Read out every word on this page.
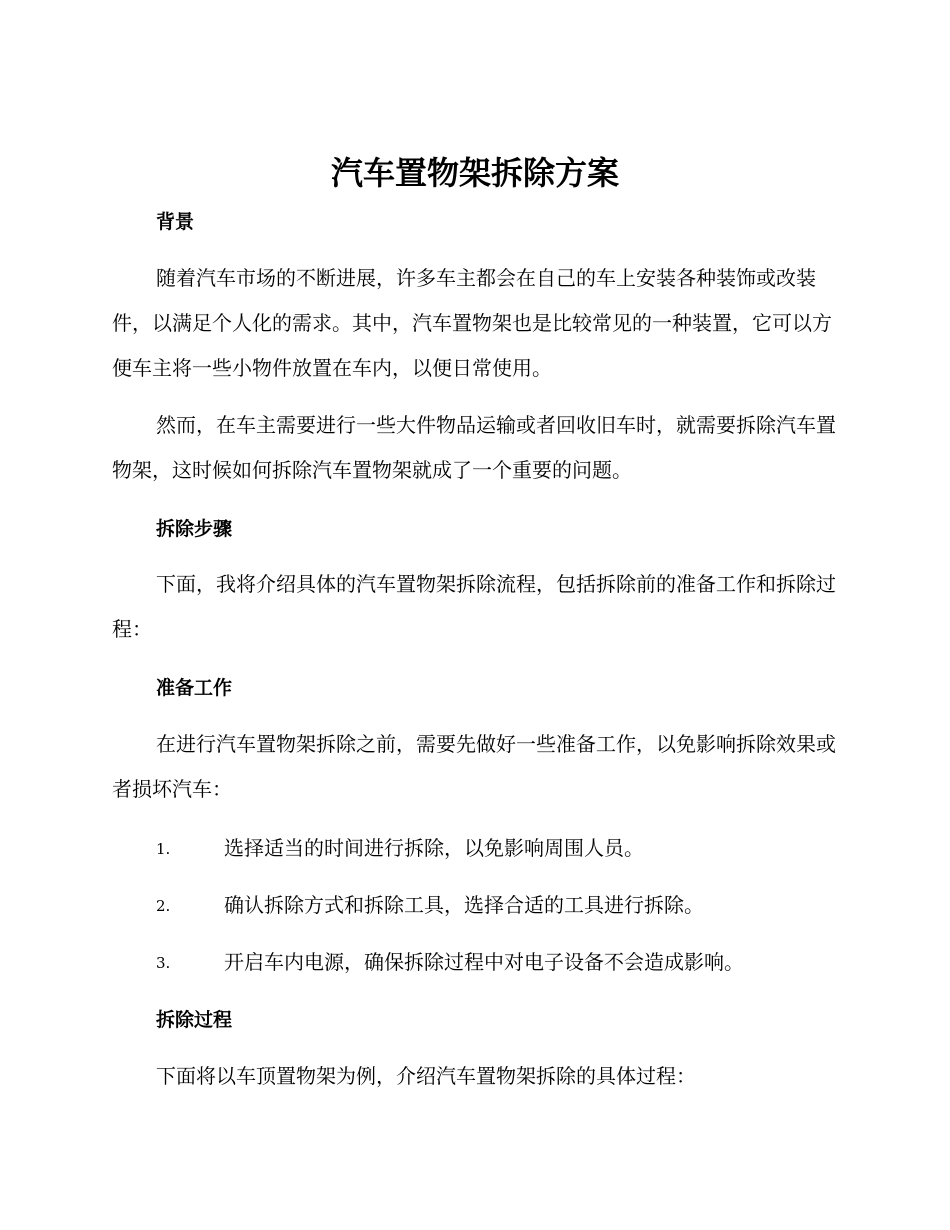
汽车置物架拆除方案
背景

随着汽车市场的不断进展，许多车主都会在自己的车上安装各种装饰或改装件，以满足个人化的需求。其中，汽车置物架也是比较常见的一种装置，它可以方便车主将一些小物件放置在车内，以便日常使用。

然而，在车主需要进行一些大件物品运输或者回收旧车时，就需要拆除汽车置物架，这时候如何拆除汽车置物架就成了一个重要的问题。

拆除步骤

下面，我将介绍具体的汽车置物架拆除流程，包括拆除前的准备工作和拆除过程：

准备工作

在进行汽车置物架拆除之前，需要先做好一些准备工作，以免影响拆除效果或者损坏汽车：

1.	选择适当的时间进行拆除，以免影响周围人员。
2.	确认拆除方式和拆除工具，选择合适的工具进行拆除。
3.	开启车内电源，确保拆除过程中对电子设备不会造成影响。
拆除过程

下面将以车顶置物架为例，介绍汽车置物架拆除的具体过程：
